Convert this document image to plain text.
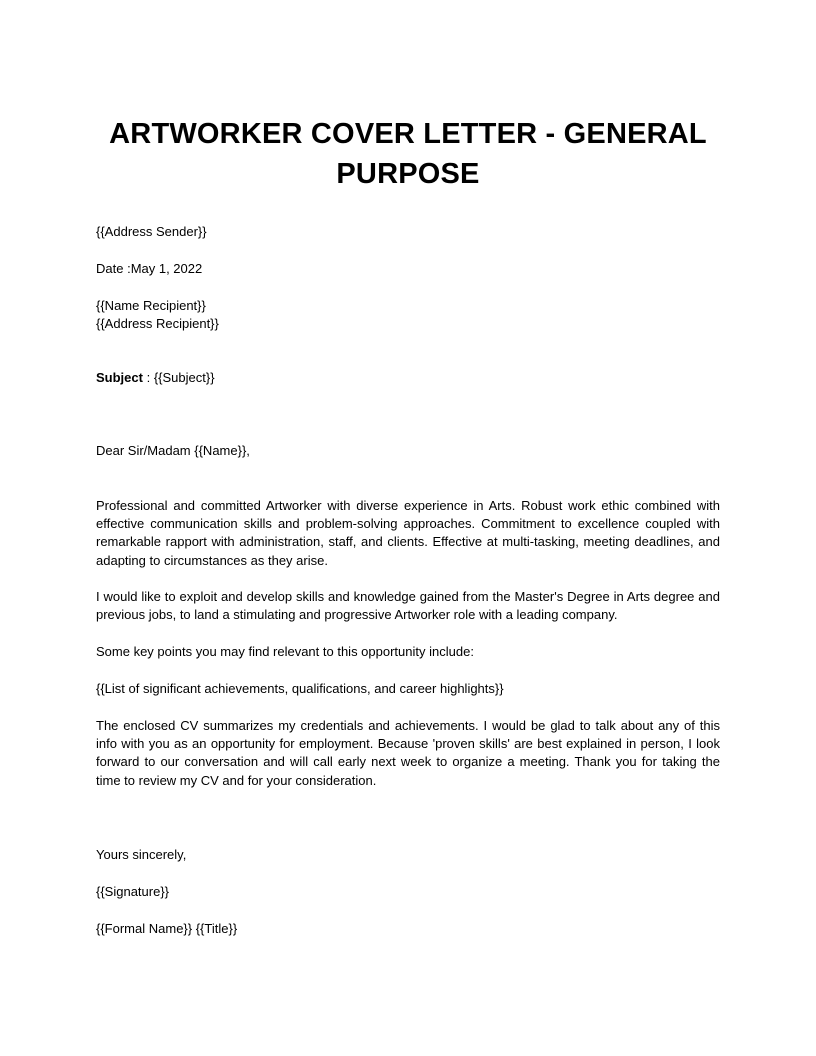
ARTWORKER COVER LETTER - GENERAL
PURPOSE
{{Address Sender}}
Date :May 1, 2022
{{Name Recipient}}
{{Address Recipient}}
Subject : {{Subject}}
Dear Sir/Madam {{Name}},
Professional and committed Artworker with diverse experience in Arts. Robust work ethic combined with effective communication skills and problem-solving approaches. Commitment to excellence coupled with remarkable rapport with administration, staff, and clients. Effective at multi-tasking, meeting deadlines, and adapting to circumstances as they arise.
I would like to exploit and develop skills and knowledge gained from the Master's Degree in Arts degree and previous jobs, to land a stimulating and progressive Artworker role with a leading company.
Some key points you may find relevant to this opportunity include:
{{List of significant achievements, qualifications, and career highlights}}
The enclosed CV summarizes my credentials and achievements. I would be glad to talk about any of this info with you as an opportunity for employment. Because 'proven skills' are best explained in person, I look forward to our conversation and will call early next week to organize a meeting. Thank you for taking the time to review my CV and for your consideration.
Yours sincerely,
{{Signature}}
{{Formal Name}} {{Title}}
